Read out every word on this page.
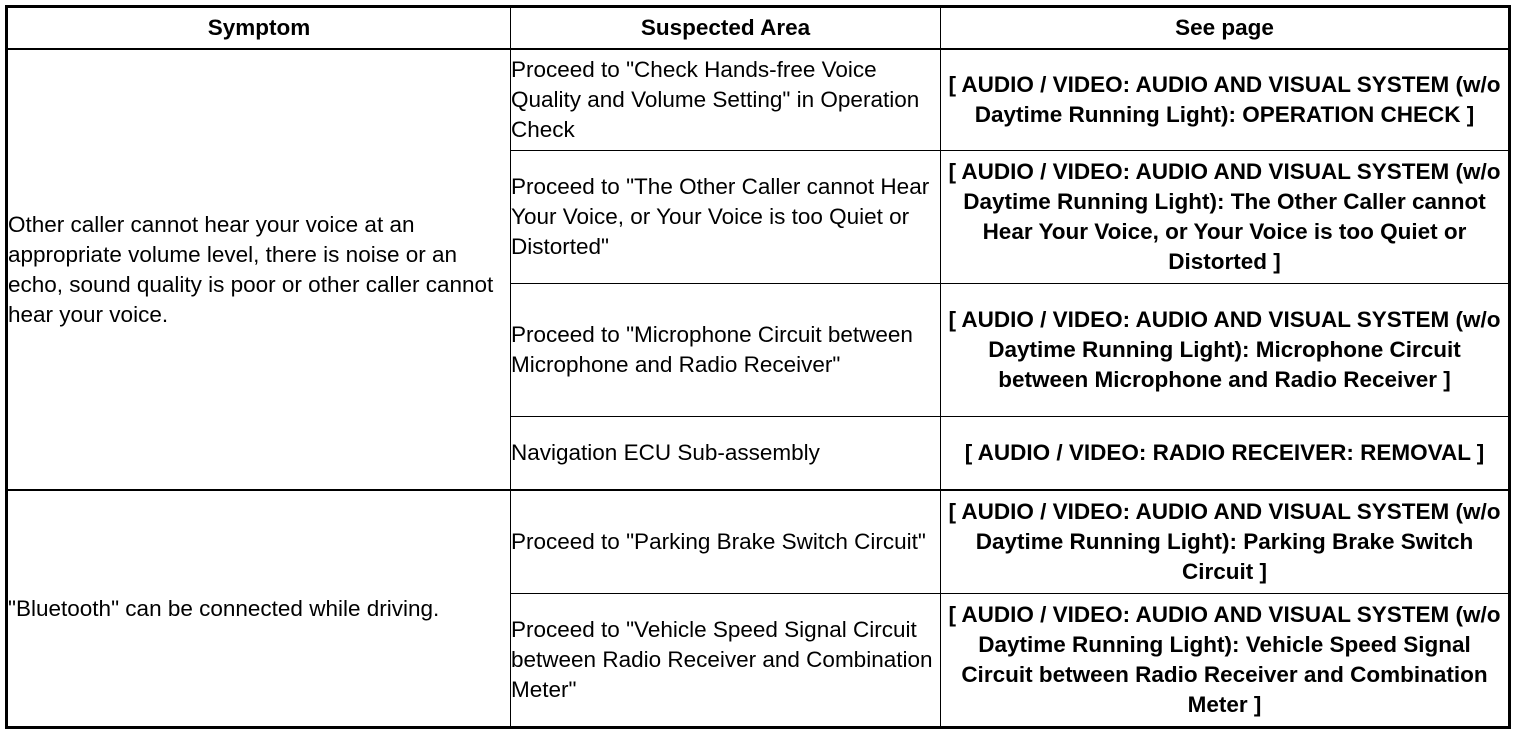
Symptom	Suspected Area	See page
Other caller cannot hear your voice at an appropriate volume level, there is noise or an echo, sound quality is poor or other caller cannot hear your voice.	Proceed to "Check Hands-free Voice Quality and Volume Setting" in Operation Check	[ AUDIO / VIDEO: AUDIO AND VISUAL SYSTEM (w/o Daytime Running Light): OPERATION CHECK ]
	Proceed to "The Other Caller cannot Hear Your Voice, or Your Voice is too Quiet or Distorted"	[ AUDIO / VIDEO: AUDIO AND VISUAL SYSTEM (w/o Daytime Running Light): The Other Caller cannot Hear Your Voice, or Your Voice is too Quiet or Distorted ]
	Proceed to "Microphone Circuit between Microphone and Radio Receiver"	[ AUDIO / VIDEO: AUDIO AND VISUAL SYSTEM (w/o Daytime Running Light): Microphone Circuit between Microphone and Radio Receiver ]
	Navigation ECU Sub-assembly	[ AUDIO / VIDEO: RADIO RECEIVER: REMOVAL ]
"Bluetooth" can be connected while driving.	Proceed to "Parking Brake Switch Circuit"	[ AUDIO / VIDEO: AUDIO AND VISUAL SYSTEM (w/o Daytime Running Light): Parking Brake Switch Circuit ]
	Proceed to "Vehicle Speed Signal Circuit between Radio Receiver and Combination Meter"	[ AUDIO / VIDEO: AUDIO AND VISUAL SYSTEM (w/o Daytime Running Light): Vehicle Speed Signal Circuit between Radio Receiver and Combination Meter ]
